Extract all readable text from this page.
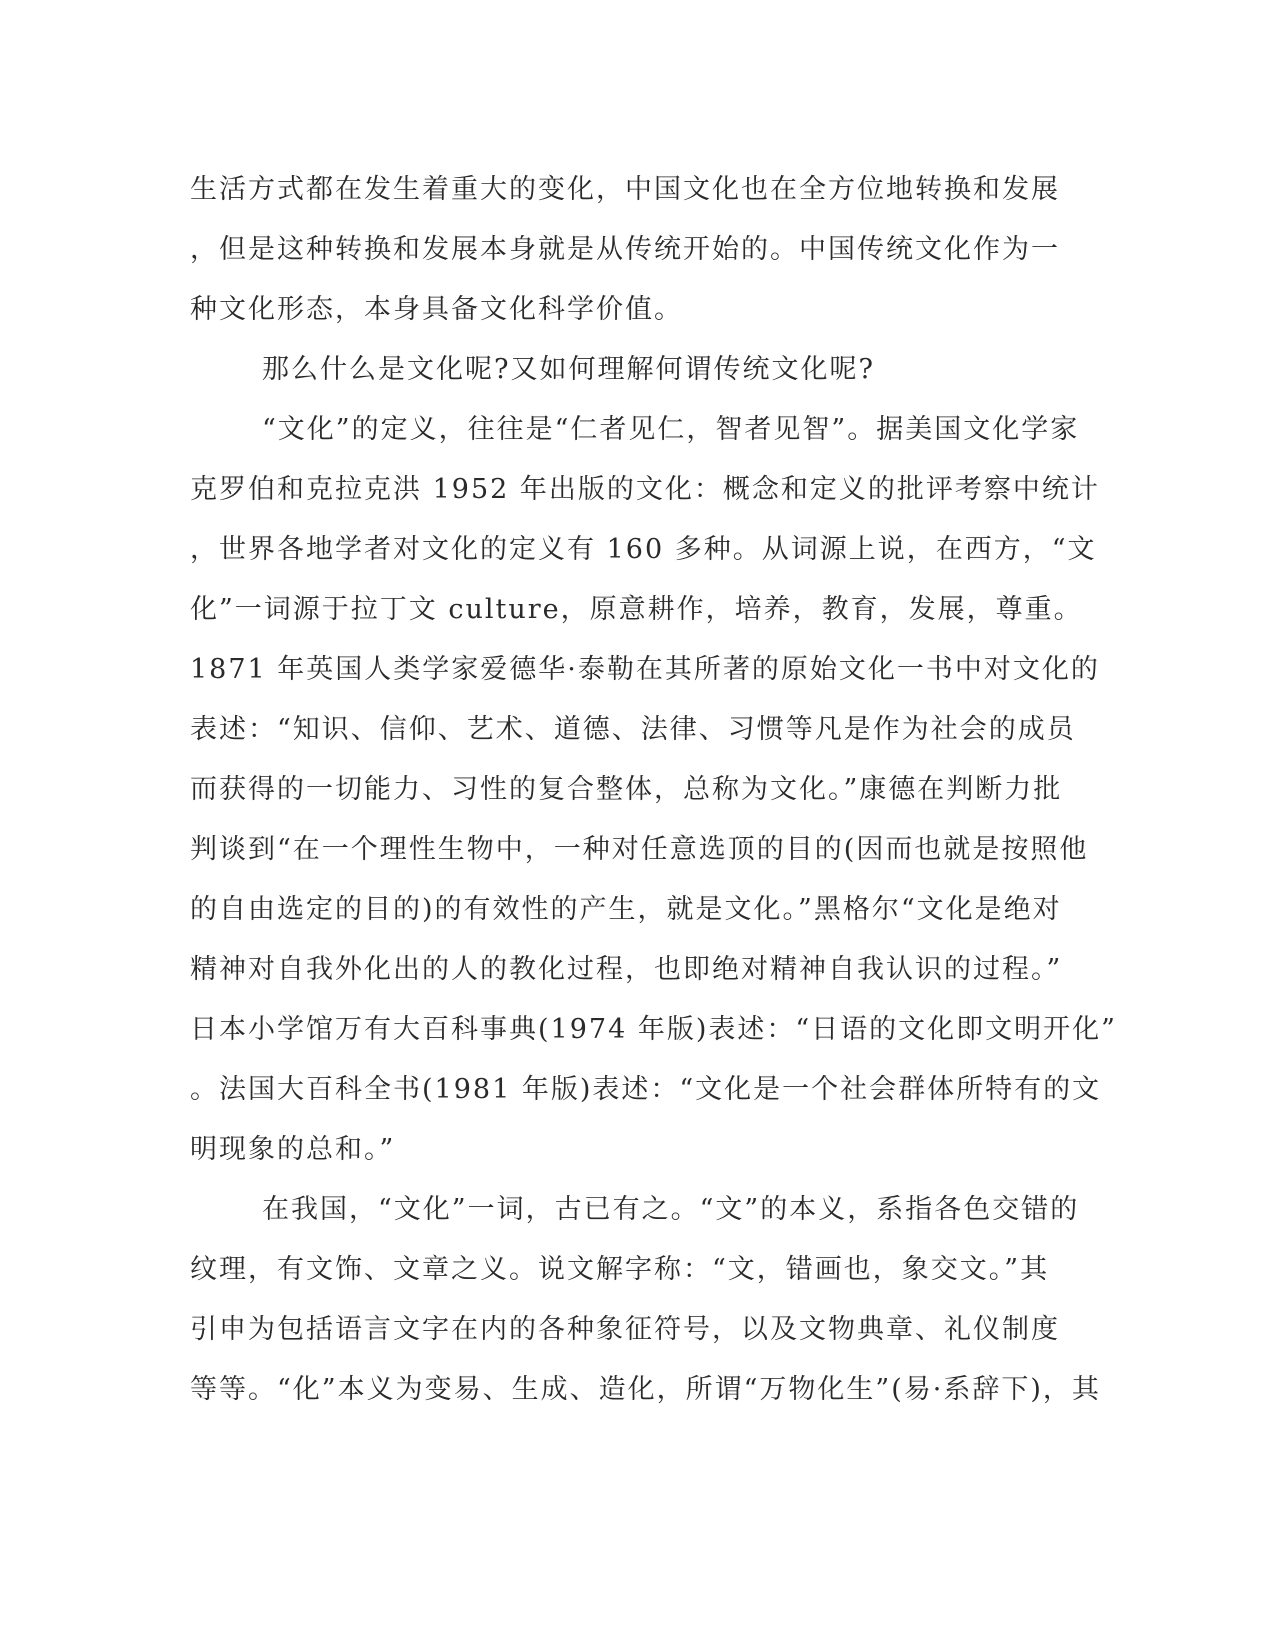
生活方式都在发生着重大的变化，中国文化也在全方位地转换和发展
，但是这种转换和发展本身就是从传统开始的。中国传统文化作为一
种文化形态，本身具备文化科学价值。
那么什么是文化呢?又如何理解何谓传统文化呢?
“文化”的定义，往往是“仁者见仁，智者见智”。据美国文化学家
克罗伯和克拉克洪 1952 年出版的文化：概念和定义的批评考察中统计
，世界各地学者对文化的定义有 160 多种。从词源上说，在西方，“文
化”一词源于拉丁文 culture，原意耕作，培养，教育，发展，尊重。
1871 年英国人类学家爱德华·泰勒在其所著的原始文化一书中对文化的
表述：“知识、信仰、艺术、道德、法律、习惯等凡是作为社会的成员
而获得的一切能力、习性的复合整体，总称为文化。”康德在判断力批
判谈到“在一个理性生物中，一种对任意选顶的目的(因而也就是按照他
的自由选定的目的)的有效性的产生，就是文化。”黑格尔“文化是绝对
精神对自我外化出的人的教化过程，也即绝对精神自我认识的过程。”
日本小学馆万有大百科事典(1974 年版)表述：“日语的文化即文明开化”
。法国大百科全书(1981 年版)表述：“文化是一个社会群体所特有的文
明现象的总和。”
在我国，“文化”一词，古已有之。“文”的本义，系指各色交错的
纹理，有文饰、文章之义。说文解字称：“文，错画也，象交文。”其
引申为包括语言文字在内的各种象征符号，以及文物典章、礼仪制度
等等。“化”本义为变易、生成、造化，所谓“万物化生”(易·系辞下)，其
